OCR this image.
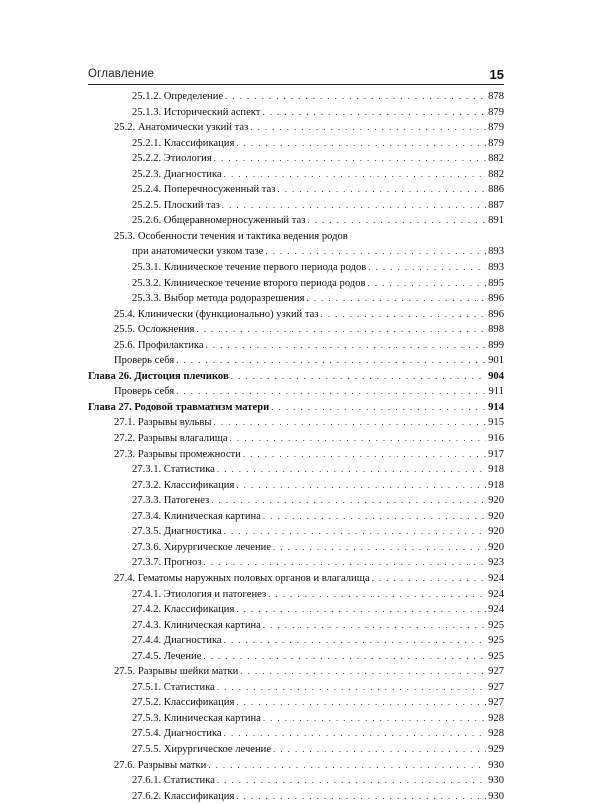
Оглавление	15
25.1.2. Определение . . .	878
25.1.3. Исторический аспект . . .	879
25.2. Анатомически узкий таз . . .	879
25.2.1. Классификация . . .	879
25.2.2. Этиология . . .	882
25.2.3. Диагностика . . .	882
25.2.4. Поперечносуженный таз . . .	886
25.2.5. Плоский таз . . .	887
25.2.6. Общеравномерносуженный таз . . .	891
25.3. Особенности течения и тактика ведения родов
при анатомически узком тазе . . .	893
25.3.1. Клиническое течение первого периода родов . . .	893
25.3.2. Клиническое течение второго периода родов . . .	895
25.3.3. Выбор метода родоразрешения . . .	896
25.4. Клинически (функционально) узкий таз . . .	896
25.5. Осложнения . . .	898
25.6. Профилактика . . .	899
Проверь себя . . .	901
Глава 26. Дистоция плечиков . . .	904
Проверь себя . . .	911
Глава 27. Родовой травматизм матери . . .	914
27.1. Разрывы вульвы . . .	915
27.2. Разрывы влагалища . . .	916
27.3. Разрывы промежности . . .	917
27.3.1. Статистика . . .	918
27.3.2. Классификация . . .	918
27.3.3. Патогенез . . .	920
27.3.4. Клиническая картина . . .	920
27.3.5. Диагностика . . .	920
27.3.6. Хирургическое лечение . . .	920
27.3.7. Прогноз . . .	923
27.4. Гематомы наружных половых органов и влагалища . . .	924
27.4.1. Этиология и патогенез . . .	924
27.4.2. Классификация . . .	924
27.4.3. Клиническая картина . . .	925
27.4.4. Диагностика . . .	925
27.4.5. Лечение . . .	925
27.5. Разрывы шейки матки . . .	927
27.5.1. Статистика . . .	927
27.5.2. Классификация . . .	927
27.5.3. Клиническая картина . . .	928
27.5.4. Диагностика . . .	928
27.5.5. Хирургическое лечение . . .	929
27.6. Разрывы матки . . .	930
27.6.1. Статистика . . .	930
27.6.2. Классификация . . .	930
